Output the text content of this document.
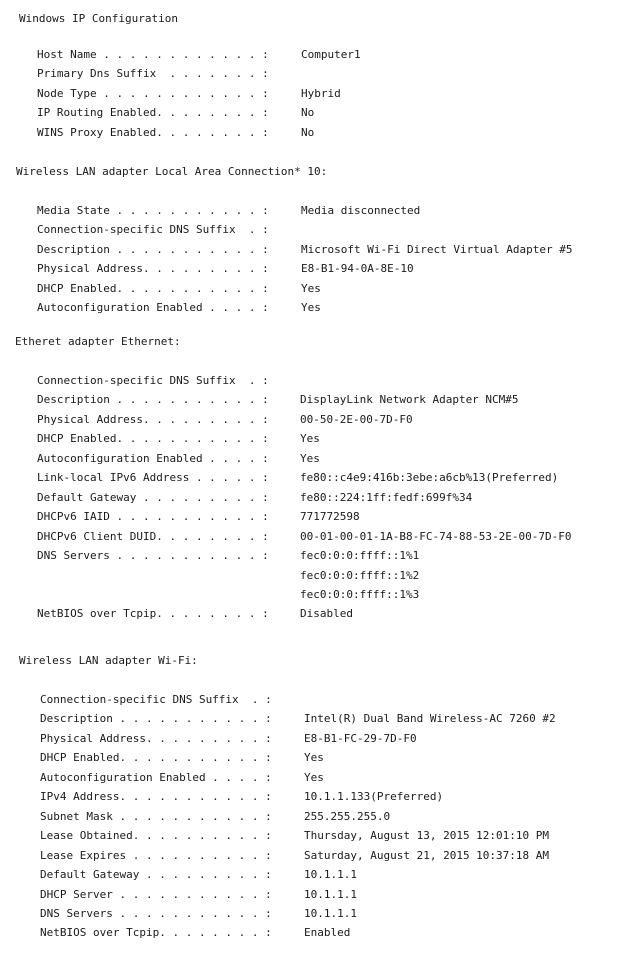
Windows IP Configuration
Host Name . . . . . . . . . . . . :	Computer1
Primary Dns Suffix  . . . . . . . :
Node Type . . . . . . . . . . . . :	Hybrid
IP Routing Enabled. . . . . . . . :	No
WINS Proxy Enabled. . . . . . . . :	No
Wireless LAN adapter Local Area Connection* 10:
Media State . . . . . . . . . . . :	Media disconnected
Connection-specific DNS Suffix  . :
Description . . . . . . . . . . . :	Microsoft Wi-Fi Direct Virtual Adapter #5
Physical Address. . . . . . . . . :	E8-B1-94-0A-8E-10
DHCP Enabled. . . . . . . . . . . :	Yes
Autoconfiguration Enabled . . . . :	Yes
Etheret adapter Ethernet:
Connection-specific DNS Suffix  . :
Description . . . . . . . . . . . :	DisplayLink Network Adapter NCM#5
Physical Address. . . . . . . . . :	00-50-2E-00-7D-F0
DHCP Enabled. . . . . . . . . . . :	Yes
Autoconfiguration Enabled . . . . :	Yes
Link-local IPv6 Address . . . . . :	fe80::c4e9:416b:3ebe:a6cb%13(Preferred)
Default Gateway . . . . . . . . . :	fe80::224:1ff:fedf:699f%34
DHCPv6 IAID . . . . . . . . . . . :	771772598
DHCPv6 Client DUID. . . . . . . . :	00-01-00-01-1A-B8-FC-74-88-53-2E-00-7D-F0
DNS Servers . . . . . . . . . . . :	fec0:0:0:ffff::1%1
fec0:0:0:ffff::1%2
fec0:0:0:ffff::1%3
NetBIOS over Tcpip. . . . . . . . :	Disabled
Wireless LAN adapter Wi-Fi:
Connection-specific DNS Suffix  . :
Description . . . . . . . . . . . :	Intel(R) Dual Band Wireless-AC 7260 #2
Physical Address. . . . . . . . . :	E8-B1-FC-29-7D-F0
DHCP Enabled. . . . . . . . . . . :	Yes
Autoconfiguration Enabled . . . . :	Yes
IPv4 Address. . . . . . . . . . . :	10.1.1.133(Preferred)
Subnet Mask . . . . . . . . . . . :	255.255.255.0
Lease Obtained. . . . . . . . . . :	Thursday, August 13, 2015 12:01:10 PM
Lease Expires . . . . . . . . . . :	Saturday, August 21, 2015 10:37:18 AM
Default Gateway . . . . . . . . . :	10.1.1.1
DHCP Server . . . . . . . . . . . :	10.1.1.1
DNS Servers . . . . . . . . . . . :	10.1.1.1
NetBIOS over Tcpip. . . . . . . . :	Enabled
